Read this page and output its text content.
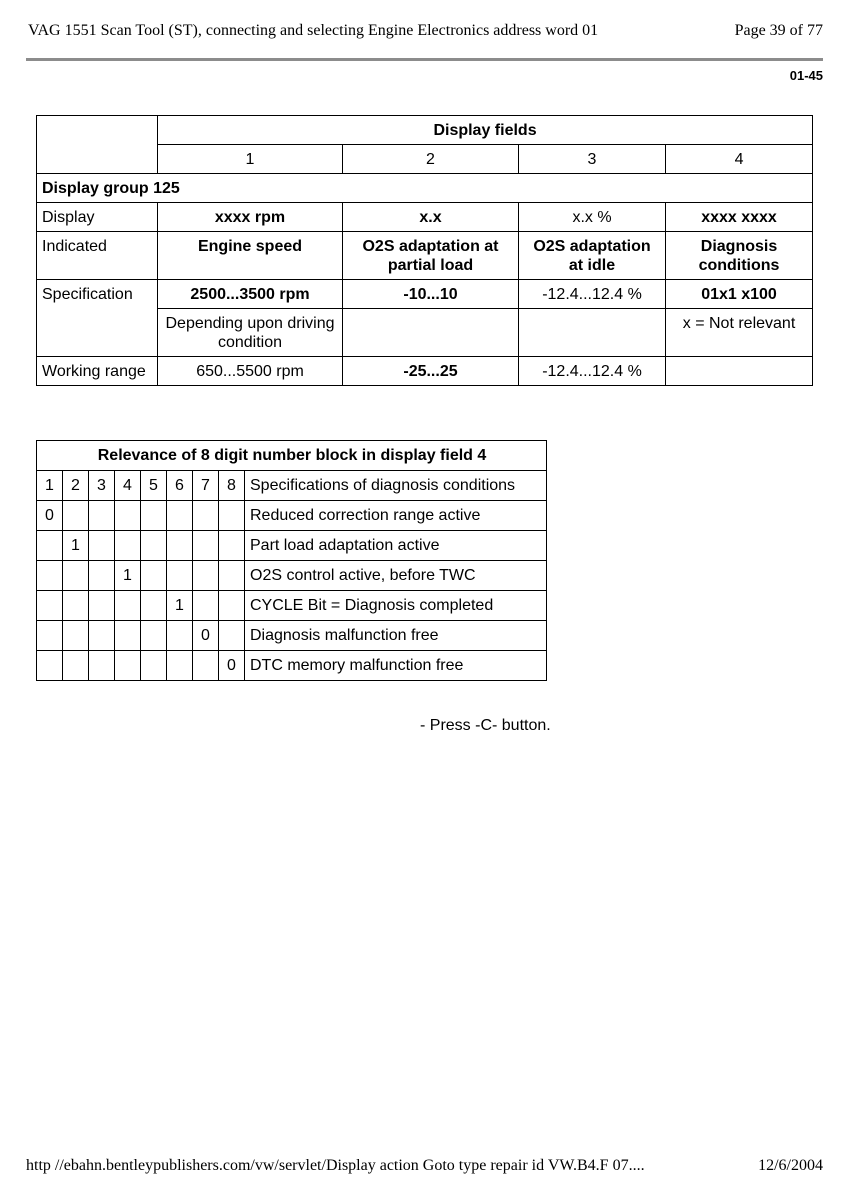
VAG 1551 Scan Tool (ST), connecting and selecting Engine Electronics address word 01	Page 39 of 77
01-45
	Display fields			
	1	2	3	4
Display group 125				
Display	xxxx rpm	x.x	x.x %	xxxx xxxx
Indicated	Engine speed	O2S adaptation at partial load	O2S adaptation at idle	Diagnosis conditions
Specification	2500...3500 rpm	-10...10	-12.4...12.4 %	01x1 x100
	Depending upon driving condition			x = Not relevant
Working range	650...5500 rpm	-25...25	-12.4...12.4 %	
Relevance of 8 digit number block in display field 4								
1	2	3	4	5	6	7	8	Specifications of diagnosis conditions
0								Reduced correction range active
	1							Part load adaptation active
			1					O2S control active, before TWC
					1			CYCLE Bit = Diagnosis completed
						0		Diagnosis malfunction free
							0	DTC memory malfunction free
- Press -C- button.
http //ebahn.bentleypublishers.com/vw/servlet/Display action Goto type repair id VW.B4.F 07....	12/6/2004
